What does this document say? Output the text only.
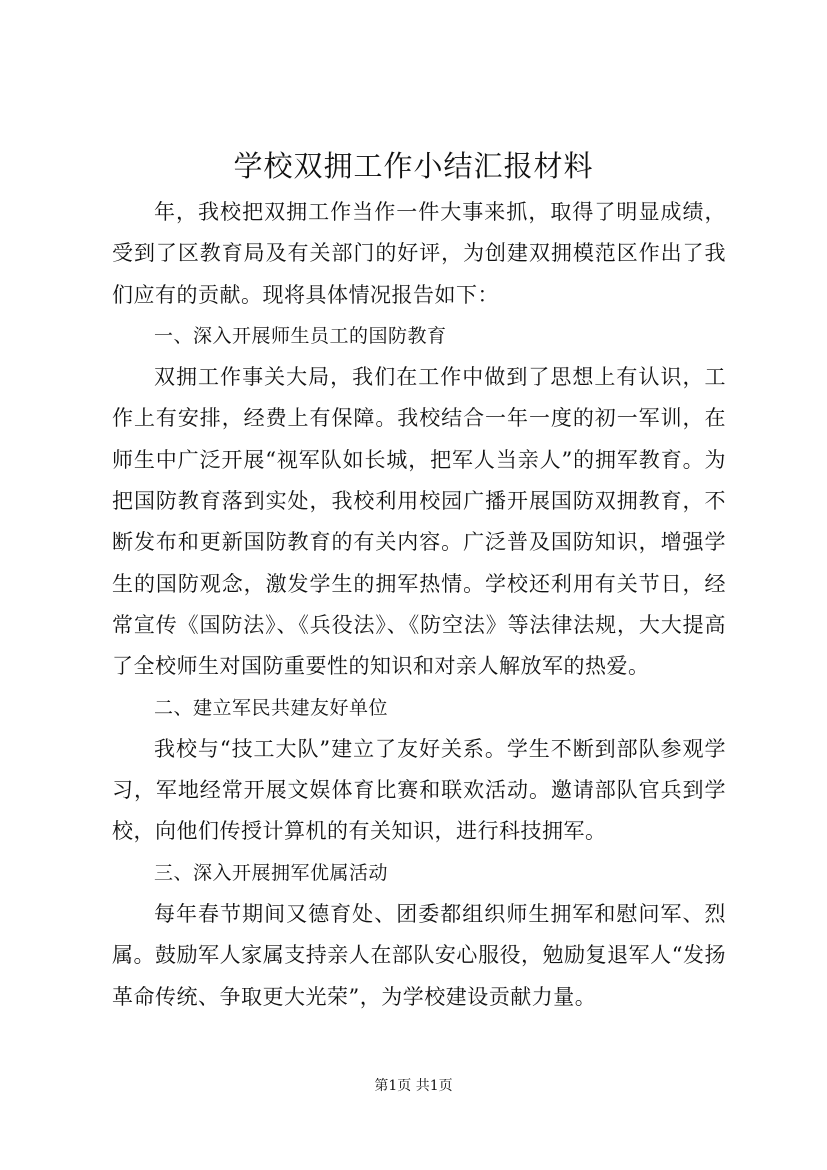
学校双拥工作小结汇报材料

年，我校把双拥工作当作一件大事来抓，取得了明显成绩，受到了区教育局及有关部门的好评，为创建双拥模范区作出了我们应有的贡献。现将具体情况报告如下：

一、深入开展师生员工的国防教育

双拥工作事关大局，我们在工作中做到了思想上有认识，工作上有安排，经费上有保障。我校结合一年一度的初一军训，在师生中广泛开展“视军队如长城，把军人当亲人”的拥军教育。为把国防教育落到实处，我校利用校园广播开展国防双拥教育，不断发布和更新国防教育的有关内容。广泛普及国防知识，增强学生的国防观念，激发学生的拥军热情。学校还利用有关节日，经常宣传《国防法》、《兵役法》、《防空法》等法律法规，大大提高了全校师生对国防重要性的知识和对亲人解放军的热爱。

二、建立军民共建友好单位

我校与“技工大队”建立了友好关系。学生不断到部队参观学习，军地经常开展文娱体育比赛和联欢活动。邀请部队官兵到学校，向他们传授计算机的有关知识，进行科技拥军。

三、深入开展拥军优属活动

每年春节期间又德育处、团委都组织师生拥军和慰问军、烈属。鼓励军人家属支持亲人在部队安心服役，勉励复退军人“发扬革命传统、争取更大光荣”，为学校建设贡献力量。

第1页 共1页
